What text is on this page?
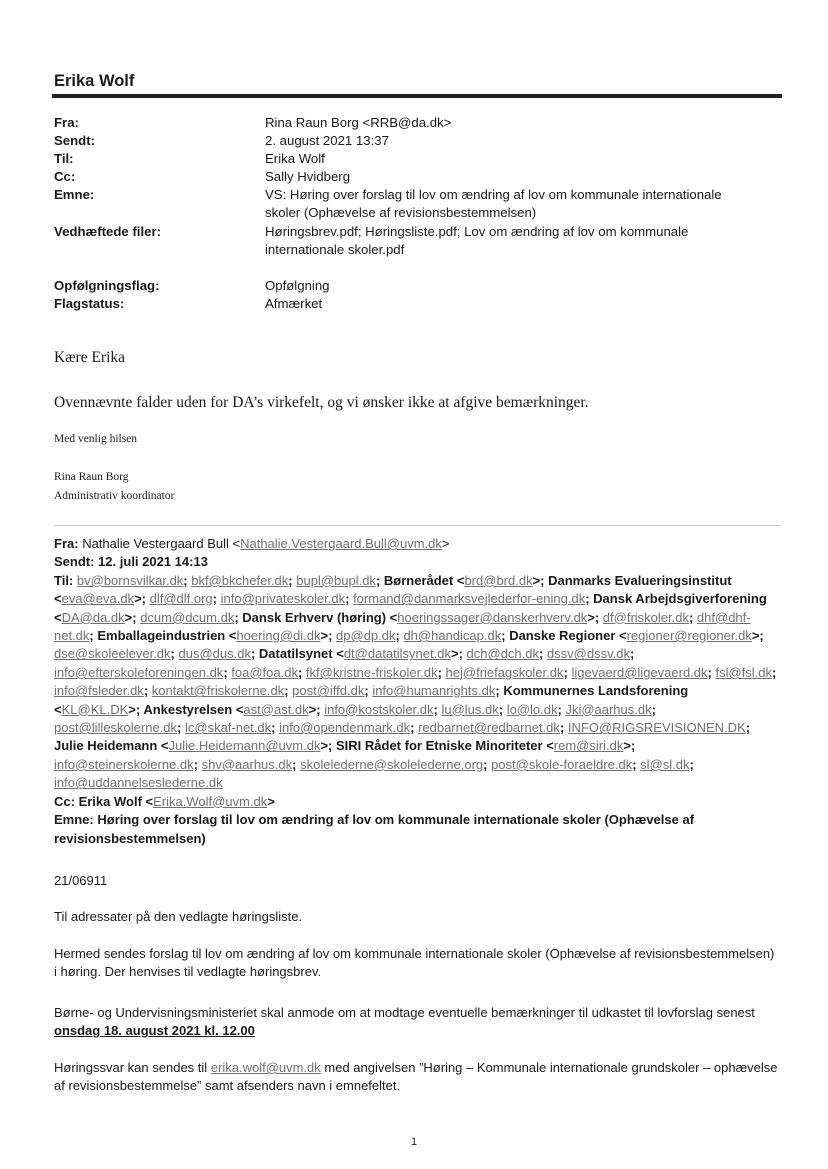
Erika Wolf
Fra:	Rina Raun Borg <RRB@da.dk>
Sendt:	2. august 2021 13:37
Til:	Erika Wolf
Cc:	Sally Hvidberg
Emne:	VS: Høring over forslag til lov om ændring af lov om kommunale internationale
skoler (Ophævelse af revisionsbestemmelsen)
Vedhæftede filer:	Høringsbrev.pdf; Høringsliste.pdf; Lov om ændring af lov om kommunale
internationale skoler.pdf
Opfølgningsflag:	Opfølgning
Flagstatus:	Afmærket
Kære Erika
Ovennævnte falder uden for DA’s virkefelt, og vi ønsker ikke at afgive bemærkninger.
Med venlig hilsen
Rina Raun Borg
Administrativ koordinator
Fra: Nathalie Vestergaard Bull <Nathalie.Vestergaard.Bull@uvm.dk>
Sendt: 12. juli 2021 14:13
Til: bv@bornsvilkar.dk; bkf@bkchefer.dk; bupl@bupl.dk; Børnerådet <brd@brd.dk>; Danmarks Evalueringsinstitut <eva@eva.dk>; dlf@dlf.org; info@privateskoler.dk; formand@danmarksvejlederfor-ening.dk; Dansk Arbejdsgiverforening <DA@da.dk>; dcum@dcum.dk; Dansk Erhverv (høring) <hoeringssager@danskerhverv.dk>; df@friskoler.dk; dhf@dhf-net.dk; Emballageindustrien <hoering@di.dk>; dp@dp.dk; dh@handicap.dk; Danske Regioner <regioner@regioner.dk>; dse@skoleelever.dk; dus@dus.dk; Datatilsynet <dt@datatilsynet.dk>; dch@dch.dk; dssv@dssv.dk; info@efterskoleforeningen.dk; foa@foa.dk; fkf@kristne-friskoler.dk; hej@friefagskoler.dk; ligevaerd@ligevaerd.dk; fsl@fsl.dk; info@fsleder.dk; kontakt@friskolerne.dk; post@iffd.dk; info@humanrights.dk; Kommunernes Landsforening <KL@KL.DK>; Ankestyrelsen <ast@ast.dk>; info@kostskoler.dk; lu@lus.dk; lo@lo.dk; Jki@aarhus.dk; post@lilleskolerne.dk; lc@skaf-net.dk; info@opendenmark.dk; redbarnet@redbarnet.dk; INFO@RIGSREVISIONEN.DK; Julie Heidemann <Julie.Heidemann@uvm.dk>; SIRI Rådet for Etniske Minoriteter <rem@siri.dk>; info@steinerskolerne.dk; shv@aarhus.dk; skolelederne@skolelederne.org; post@skole-foraeldre.dk; sl@sl.dk; info@uddannelseslederne.dk
Cc: Erika Wolf <Erika.Wolf@uvm.dk>
Emne: Høring over forslag til lov om ændring af lov om kommunale internationale skoler (Ophævelse af revisionsbestemmelsen)
21/06911
Til adressater på den vedlagte høringsliste.
Hermed sendes forslag til lov om ændring af lov om kommunale internationale skoler (Ophævelse af revisionsbestemmelsen) i høring. Der henvises til vedlagte høringsbrev.
Børne- og Undervisningsministeriet skal anmode om at modtage eventuelle bemærkninger til udkastet til lovforslag senest onsdag 18. august 2021 kl. 12.00
Høringssvar kan sendes til erika.wolf@uvm.dk med angivelsen ”Høring – Kommunale internationale grundskoler – ophævelse af revisionsbestemmelse” samt afsenders navn i emnefeltet.
1
